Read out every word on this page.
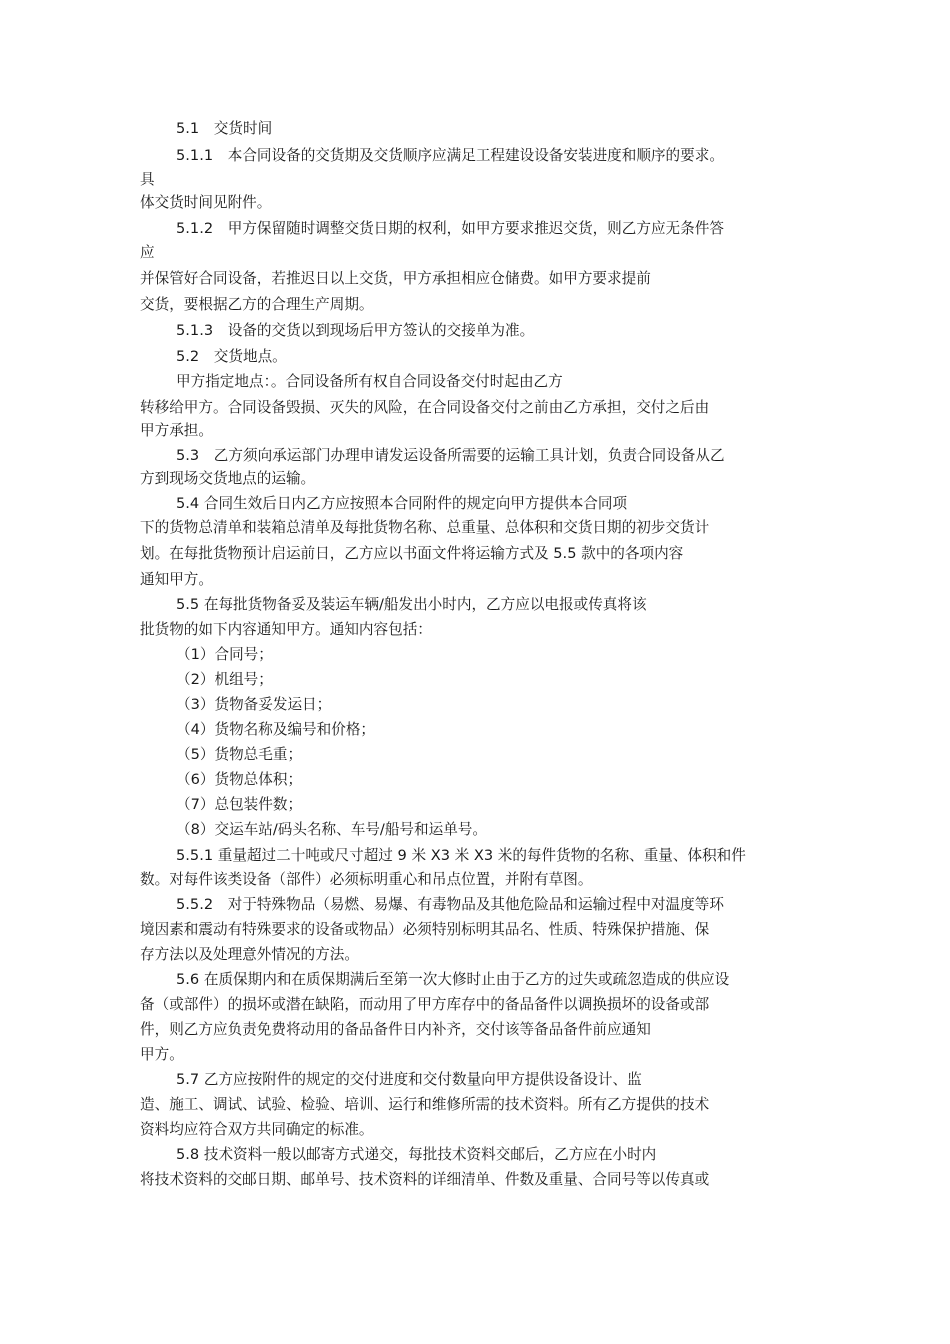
5.1　交货时间
5.1.1　本合同设备的交货期及交货顺序应满足工程建设设备安装进度和顺序的要求。
具
体交货时间见附件。
5.1.2　甲方保留随时调整交货日期的权利，如甲方要求推迟交货，则乙方应无条件答
应
并保管好合同设备，若推迟日以上交货，甲方承担相应仓储费。如甲方要求提前
交货，要根据乙方的合理生产周期。
5.1.3　设备的交货以到现场后甲方签认的交接单为准。
5.2　交货地点。
甲方指定地点：。合同设备所有权自合同设备交付时起由乙方
转移给甲方。合同设备毁损、灭失的风险，在合同设备交付之前由乙方承担，交付之后由
甲方承担。
5.3　乙方须向承运部门办理申请发运设备所需要的运输工具计划，负责合同设备从乙
方到现场交货地点的运输。
5.4 合同生效后日内乙方应按照本合同附件的规定向甲方提供本合同项
下的货物总清单和装箱总清单及每批货物名称、总重量、总体积和交货日期的初步交货计
划。在每批货物预计启运前日，乙方应以书面文件将运输方式及 5.5 款中的各项内容
通知甲方。
5.5 在每批货物备妥及装运车辆/船发出小时内，乙方应以电报或传真将该
批货物的如下内容通知甲方。通知内容包括：
（1）合同号；
（2）机组号；
（3）货物备妥发运日；
（4）货物名称及编号和价格；
（5）货物总毛重；
（6）货物总体积；
（7）总包装件数；
（8）交运车站/码头名称、车号/船号和运单号。
5.5.1 重量超过二十吨或尺寸超过 9 米 X3 米 X3 米的每件货物的名称、重量、体积和件
数。对每件该类设备（部件）必须标明重心和吊点位置，并附有草图。
5.5.2　对于特殊物品（易燃、易爆、有毒物品及其他危险品和运输过程中对温度等环
境因素和震动有特殊要求的设备或物品）必须特别标明其品名、性质、特殊保护措施、保
存方法以及处理意外情况的方法。
5.6 在质保期内和在质保期满后至第一次大修时止由于乙方的过失或疏忽造成的供应设
备（或部件）的损坏或潜在缺陷，而动用了甲方库存中的备品备件以调换损坏的设备或部
件，则乙方应负责免费将动用的备品备件日内补齐，交付该等备品备件前应通知
甲方。
5.7 乙方应按附件的规定的交付进度和交付数量向甲方提供设备设计、监
造、施工、调试、试验、检验、培训、运行和维修所需的技术资料。所有乙方提供的技术
资料均应符合双方共同确定的标准。
5.8 技术资料一般以邮寄方式递交，每批技术资料交邮后，乙方应在小时内
将技术资料的交邮日期、邮单号、技术资料的详细清单、件数及重量、合同号等以传真或
